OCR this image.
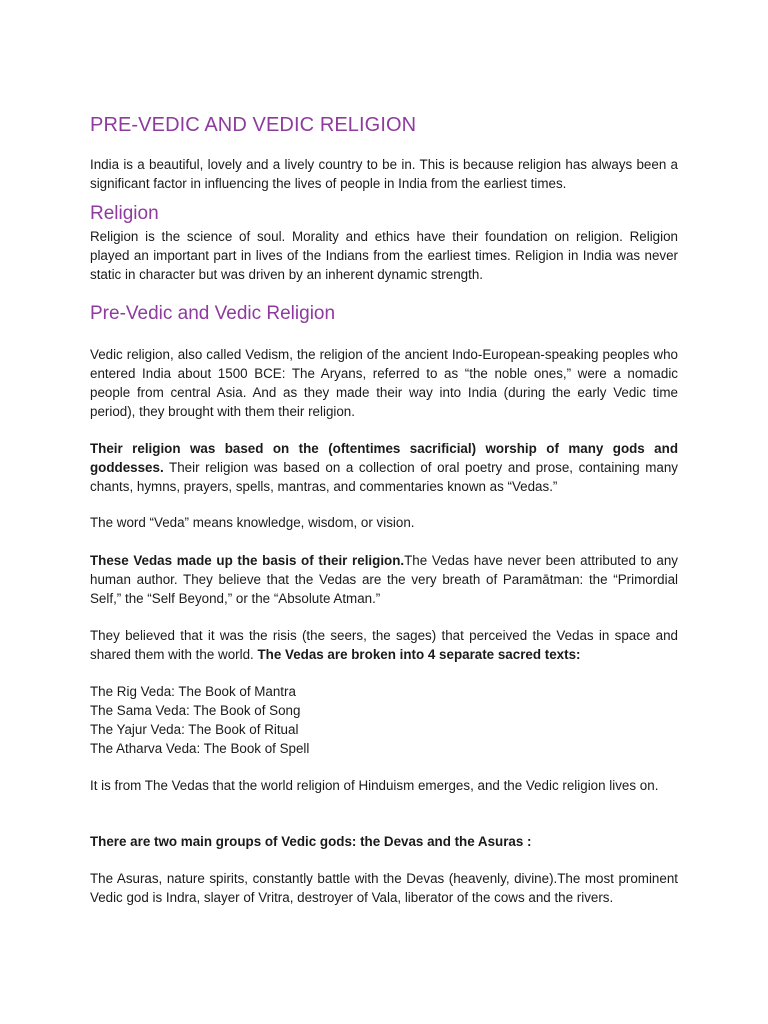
PRE-VEDIC AND VEDIC RELIGION

India is a beautiful, lovely and a lively country to be in. This is because religion has always been a significant factor in influencing the lives of people in India from the earliest times.

Religion

Religion is the science of soul. Morality and ethics have their foundation on religion. Religion played an important part in lives of the Indians from the earliest times. Religion in India was never static in character but was driven by an inherent dynamic strength.

Pre-Vedic and Vedic Religion

Vedic religion, also called Vedism, the religion of the ancient Indo-European-speaking peoples who entered India about 1500 BCE: The Aryans, referred to as “the noble ones,” were a nomadic people from central Asia. And as they made their way into India (during the early Vedic time period), they brought with them their religion.

Their religion was based on the (oftentimes sacrificial) worship of many gods and goddesses. Their religion was based on a collection of oral poetry and prose, containing many chants, hymns, prayers, spells, mantras, and commentaries known as “Vedas.”

The word “Veda” means knowledge, wisdom, or vision.

These Vedas made up the basis of their religion.The Vedas have never been attributed to any human author. They believe that the Vedas are the very breath of Paramātman: the “Primordial Self,” the “Self Beyond,” or the “Absolute Atman.”

They believed that it was the risis (the seers, the sages) that perceived the Vedas in space and shared them with the world. The Vedas are broken into 4 separate sacred texts:

The Rig Veda: The Book of Mantra
The Sama Veda: The Book of Song
The Yajur Veda: The Book of Ritual
The Atharva Veda: The Book of Spell

It is from The Vedas that the world religion of Hinduism emerges, and the Vedic religion lives on.

There are two main groups of Vedic gods: the Devas and the Asuras :

The Asuras, nature spirits, constantly battle with the Devas (heavenly, divine).The most prominent Vedic god is Indra, slayer of Vritra, destroyer of Vala, liberator of the cows and the rivers.
